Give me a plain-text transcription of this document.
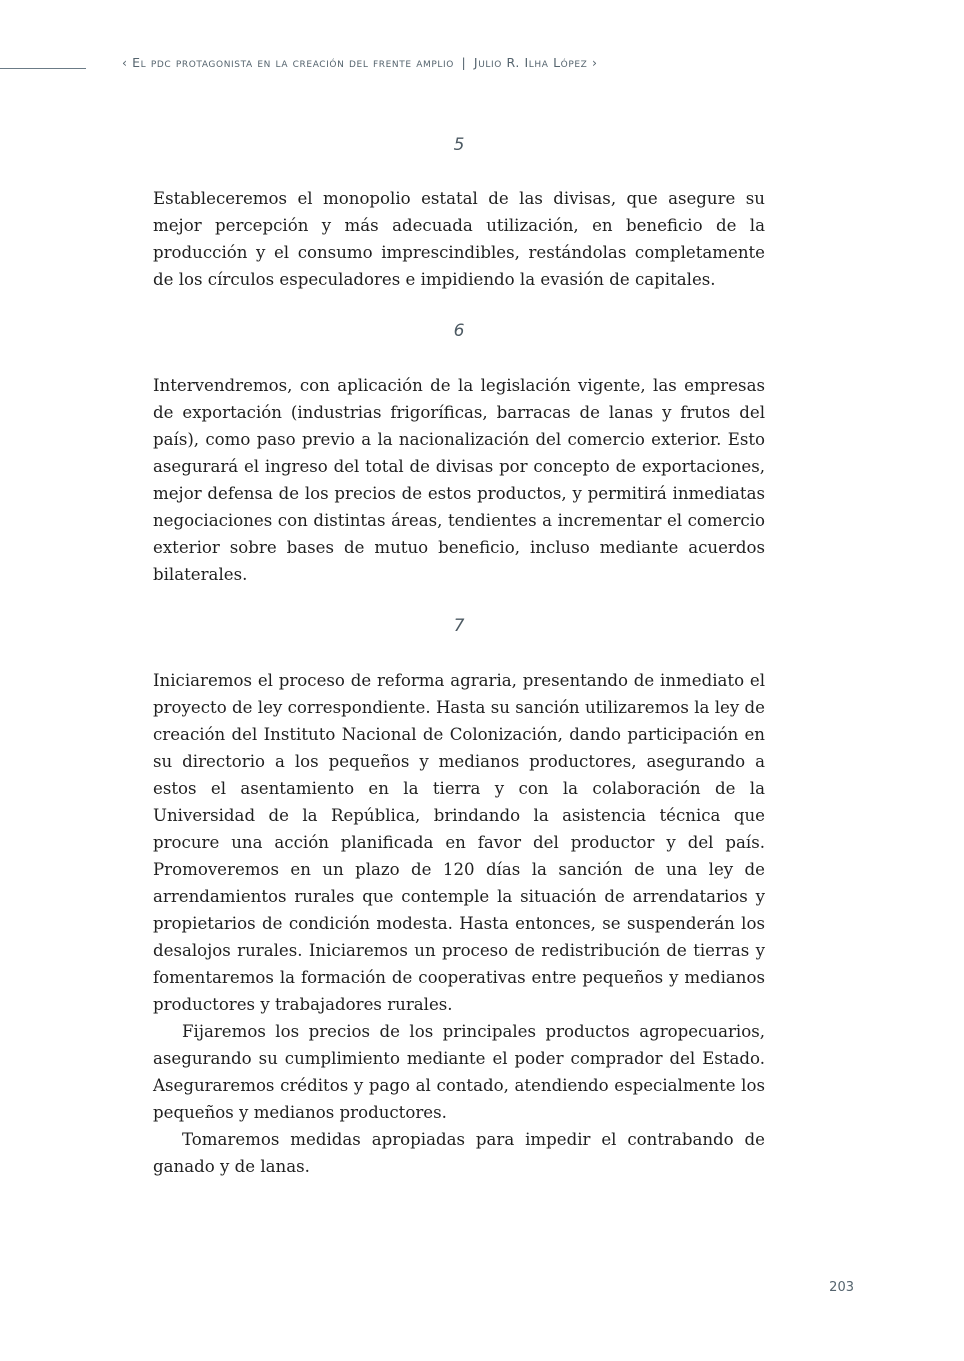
‹ El pdc protagonista en la creación del frente amplio | Julio R. Ilha López ›
5

Estableceremos el monopolio estatal de las divisas, que asegure su mejor percepción y más adecuada utilización, en beneficio de la producción y el consumo imprescindibles, restándolas completamente de los círculos especuladores e impidiendo la evasión de capitales.

6

Intervendremos, con aplicación de la legislación vigente, las empresas de exportación (industrias frigoríficas, barracas de lanas y frutos del país), como paso previo a la nacionalización del comercio exterior. Esto asegurará el ingreso del total de divisas por concepto de exportaciones, mejor defensa de los precios de estos productos, y permitirá inmediatas negociaciones con distintas áreas, tendientes a incrementar el comercio exterior sobre bases de mutuo beneficio, incluso mediante acuerdos bilaterales.

7

Iniciaremos el proceso de reforma agraria, presentando de inmediato el proyecto de ley correspondiente. Hasta su sanción utilizaremos la ley de creación del Instituto Nacional de Colonización, dando participación en su directorio a los pequeños y medianos productores, asegurando a estos el asentamiento en la tierra y con la colaboración de la Universidad de la República, brindando la asistencia técnica que procure una acción planificada en favor del productor y del país. Promoveremos en un plazo de 120 días la sanción de una ley de arrendamientos rurales que contemple la situación de arrendatarios y propietarios de condición modesta. Hasta entonces, se suspenderán los desalojos rurales. Iniciaremos un proceso de redistribución de tierras y fomentaremos la formación de cooperativas entre pequeños y medianos productores y trabajadores rurales.

Fijaremos los precios de los principales productos agropecuarios, asegurando su cumplimiento mediante el poder comprador del Estado. Aseguraremos créditos y pago al contado, atendiendo especialmente los pequeños y medianos productores.

Tomaremos medidas apropiadas para impedir el contrabando de ganado y de lanas.

203
